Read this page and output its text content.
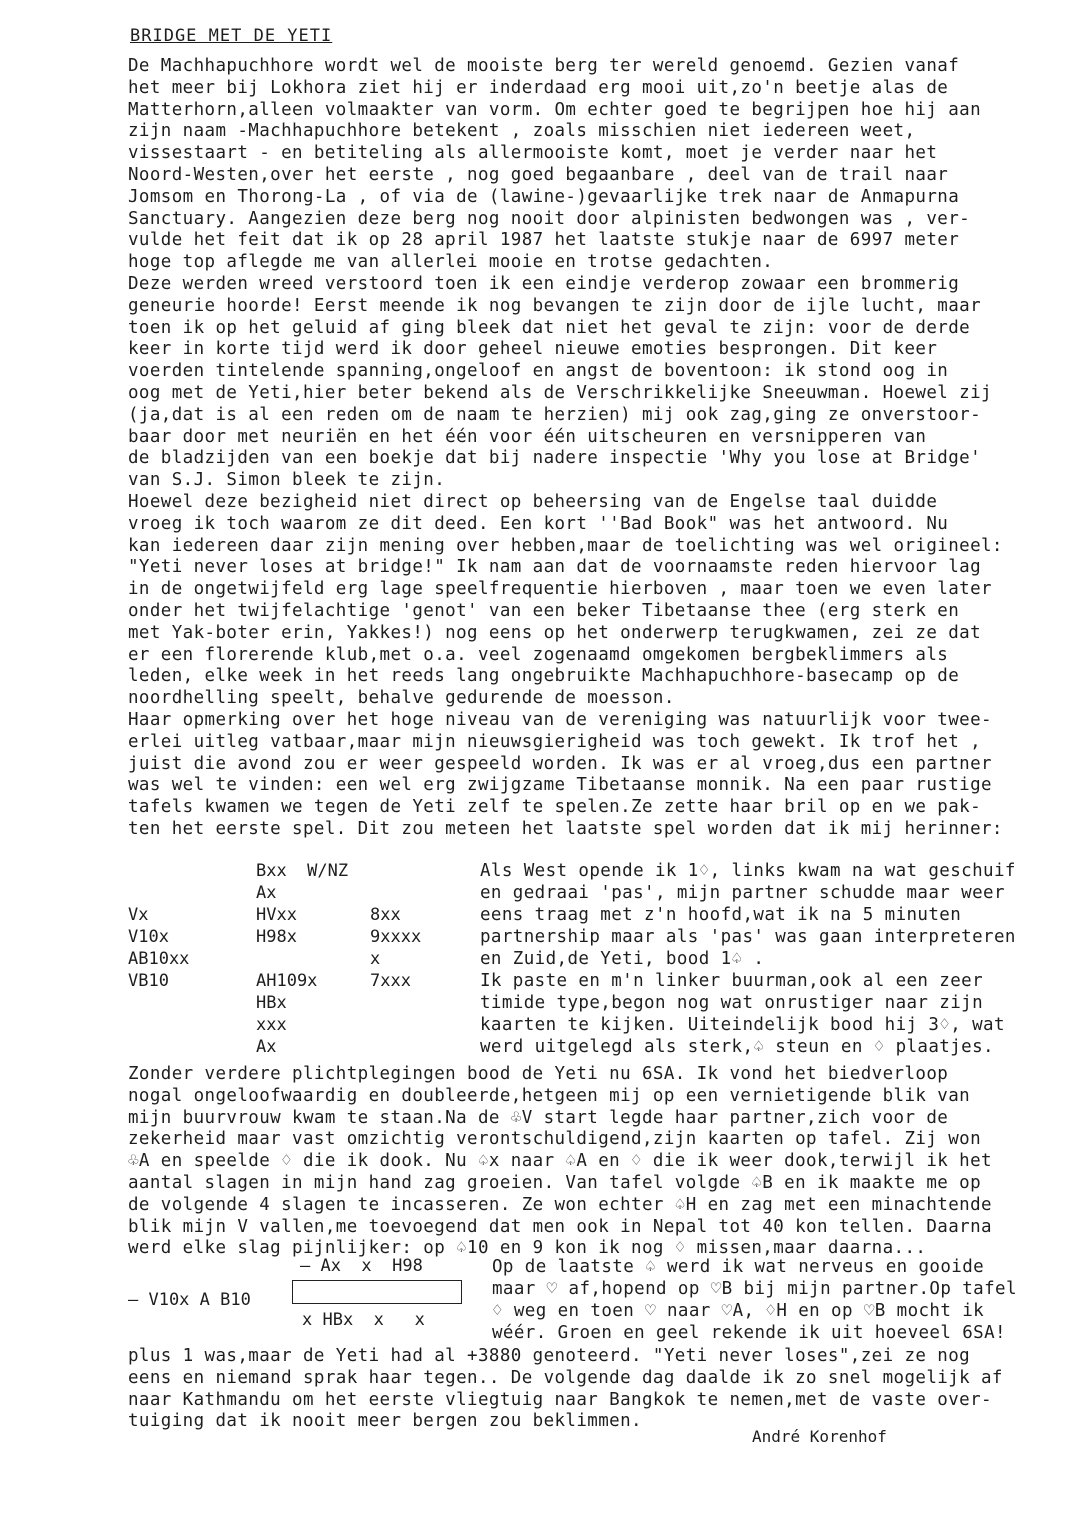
BRIDGE MET DE YETI

De Machhapuchhore wordt wel de mooiste berg ter wereld genoemd. Gezien vanaf
het meer bij Lokhora ziet hij er inderdaad erg mooi uit,zo'n beetje alas de
Matterhorn,alleen volmaakter van vorm. Om echter goed te begrijpen hoe hij aan
zijn naam -Machhapuchhore betekent , zoals misschien niet iedereen weet,
vissestaart - en betiteling als allermooiste komt, moet je verder naar het
Noord-Westen,over het eerste , nog goed begaanbare , deel van de trail naar
Jomsom en Thorong-La , of via de (lawine-)gevaarlijke trek naar de Anmapurna
Sanctuary. Aangezien deze berg nog nooit door alpinisten bedwongen was , ver-
vulde het feit dat ik op 28 april 1987 het laatste stukje naar de 6997 meter
hoge top aflegde me van allerlei mooie en trotse gedachten.
Deze werden wreed verstoord toen ik een eindje verderop zowaar een brommerig
geneurie hoorde! Eerst meende ik nog bevangen te zijn door de ijle lucht, maar
toen ik op het geluid af ging bleek dat niet het geval te zijn: voor de derde
keer in korte tijd werd ik door geheel nieuwe emoties besprongen. Dit keer
voerden tintelende spanning,ongeloof en angst de boventoon: ik stond oog in
oog met de Yeti,hier beter bekend als de Verschrikkelijke Sneeuwman. Hoewel zij
(ja,dat is al een reden om de naam te herzien) mij ook zag,ging ze onverstoor-
baar door met neuriën en het één voor één uitscheuren en versnipperen van
de bladzijden van een boekje dat bij nadere inspectie 'Why you lose at Bridge'
van S.J. Simon bleek te zijn.
Hoewel deze bezigheid niet direct op beheersing van de Engelse taal duidde
vroeg ik toch waarom ze dit deed. Een kort ''Bad Book" was het antwoord. Nu
kan iedereen daar zijn mening over hebben,maar de toelichting was wel origineel:
"Yeti never loses at bridge!" Ik nam aan dat de voornaamste reden hiervoor lag
in de ongetwijfeld erg lage speelfrequentie hierboven , maar toen we even later
onder het twijfelachtige 'genot' van een beker Tibetaanse thee (erg sterk en
met Yak-boter erin, Yakkes!) nog eens op het onderwerp terugkwamen, zei ze dat
er een florerende klub,met o.a. veel zogenaamd omgekomen bergbeklimmers als
leden, elke week in het reeds lang ongebruikte Machhapuchhore-basecamp op de
noordhelling speelt, behalve gedurende de moesson.
Haar opmerking over het hoge niveau van de vereniging was natuurlijk voor twee-
erlei uitleg vatbaar,maar mijn nieuwsgierigheid was toch gewekt. Ik trof het ,
juist die avond zou er weer gespeeld worden. Ik was er al vroeg,dus een partner
was wel te vinden: een wel erg zwijgzame Tibetaanse monnik. Na een paar rustige
tafels kwamen we tegen de Yeti zelf te spelen.Ze zette haar bril op en we pak-
ten het eerste spel. Dit zou meteen het laatste spel worden dat ik mij herinner:

Bxx  W/NZ
Ax
HVxx
H98x
Vx
V10x
AB10xx
VB10
8xx
9xxxx
x
7xxx
AH109x
HBx
xxx
Ax
Als West opende ik 1♢, links kwam na wat geschuif
en gedraai 'pas', mijn partner schudde maar weer
eens traag met z'n hoofd,wat ik na 5 minuten
partnership maar als 'pas' was gaan interpreteren
en Zuid,de Yeti, bood 1♤ .
Ik paste en m'n linker buurman,ook al een zeer
timide type,begon nog wat onrustiger naar zijn
kaarten te kijken. Uiteindelijk bood hij 3♢, wat
werd uitgelegd als sterk,♤ steun en ♢ plaatjes.

Zonder verdere plichtplegingen bood de Yeti nu 6SA. Ik vond het biedverloop
nogal ongeloofwaardig en doubleerde,hetgeen mij op een vernietigende blik van
mijn buurvrouw kwam te staan.Na de ♧V start legde haar partner,zich voor de
zekerheid maar vast omzichtig verontschuldigend,zijn kaarten op tafel. Zij won
♧A en speelde ♢ die ik dook. Nu ♤x naar ♤A en ♢ die ik weer dook,terwijl ik het
aantal slagen in mijn hand zag groeien. Van tafel volgde ♤B en ik maakte me op
de volgende 4 slagen te incasseren. Ze won echter ♤H en zag met een minachtende
blik mijn V vallen,me toevoegend dat men ook in Nepal tot 40 kon tellen. Daarna
werd elke slag pijnlijker: op ♤10 en 9 kon ik nog ♢ missen,maar daarna...

— Ax  x  H98
— V10x A B10
x HBx  x   x
Op de laatste ♤ werd ik wat nerveus en gooide
maar ♡ af,hopend op ♡B bij mijn partner.Op tafel
♢ weg en toen ♡ naar ♡A, ♢H en op ♡B mocht ik
wéér. Groen en geel rekende ik uit hoeveel 6SA!

plus 1 was,maar de Yeti had al +3880 genoteerd. "Yeti never loses",zei ze nog
eens en niemand sprak haar tegen.. De volgende dag daalde ik zo snel mogelijk af
naar Kathmandu om het eerste vliegtuig naar Bangkok te nemen,met de vaste over-
tuiging dat ik nooit meer bergen zou beklimmen.

André Korenhof
